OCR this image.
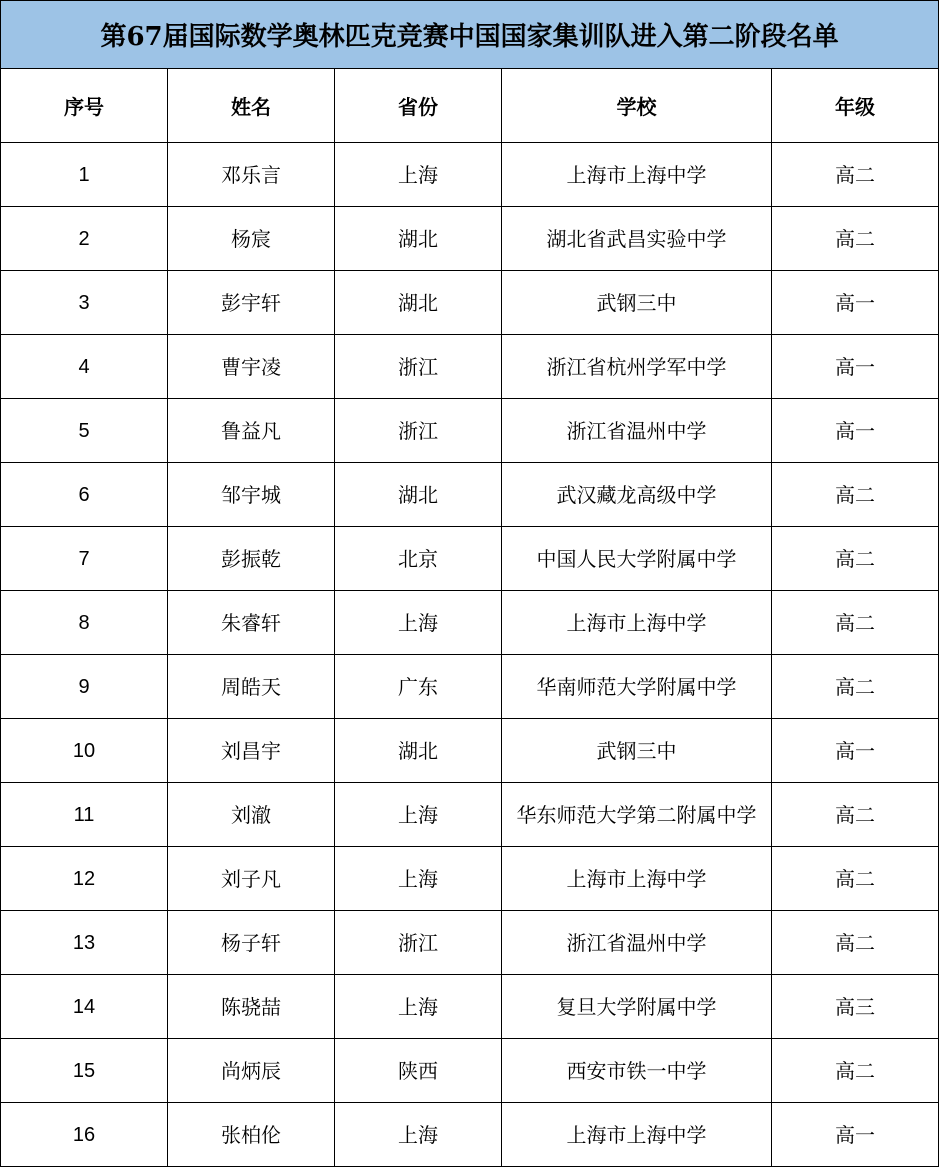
第67届国际数学奥林匹克竞赛中国国家集训队进入第二阶段名单				
序号	姓名	省份	学校	年级
1	邓乐言	上海	上海市上海中学	高二
2	杨宸	湖北	湖北省武昌实验中学	高二
3	彭宇轩	湖北	武钢三中	高一
4	曹宇凌	浙江	浙江省杭州学军中学	高一
5	鲁益凡	浙江	浙江省温州中学	高一
6	邹宇城	湖北	武汉藏龙高级中学	高二
7	彭振乾	北京	中国人民大学附属中学	高二
8	朱睿轩	上海	上海市上海中学	高二
9	周皓天	广东	华南师范大学附属中学	高二
10	刘昌宇	湖北	武钢三中	高一
11	刘澈	上海	华东师范大学第二附属中学	高二
12	刘子凡	上海	上海市上海中学	高二
13	杨子轩	浙江	浙江省温州中学	高二
14	陈骁喆	上海	复旦大学附属中学	高三
15	尚炳辰	陕西	西安市铁一中学	高二
16	张柏伦	上海	上海市上海中学	高一
